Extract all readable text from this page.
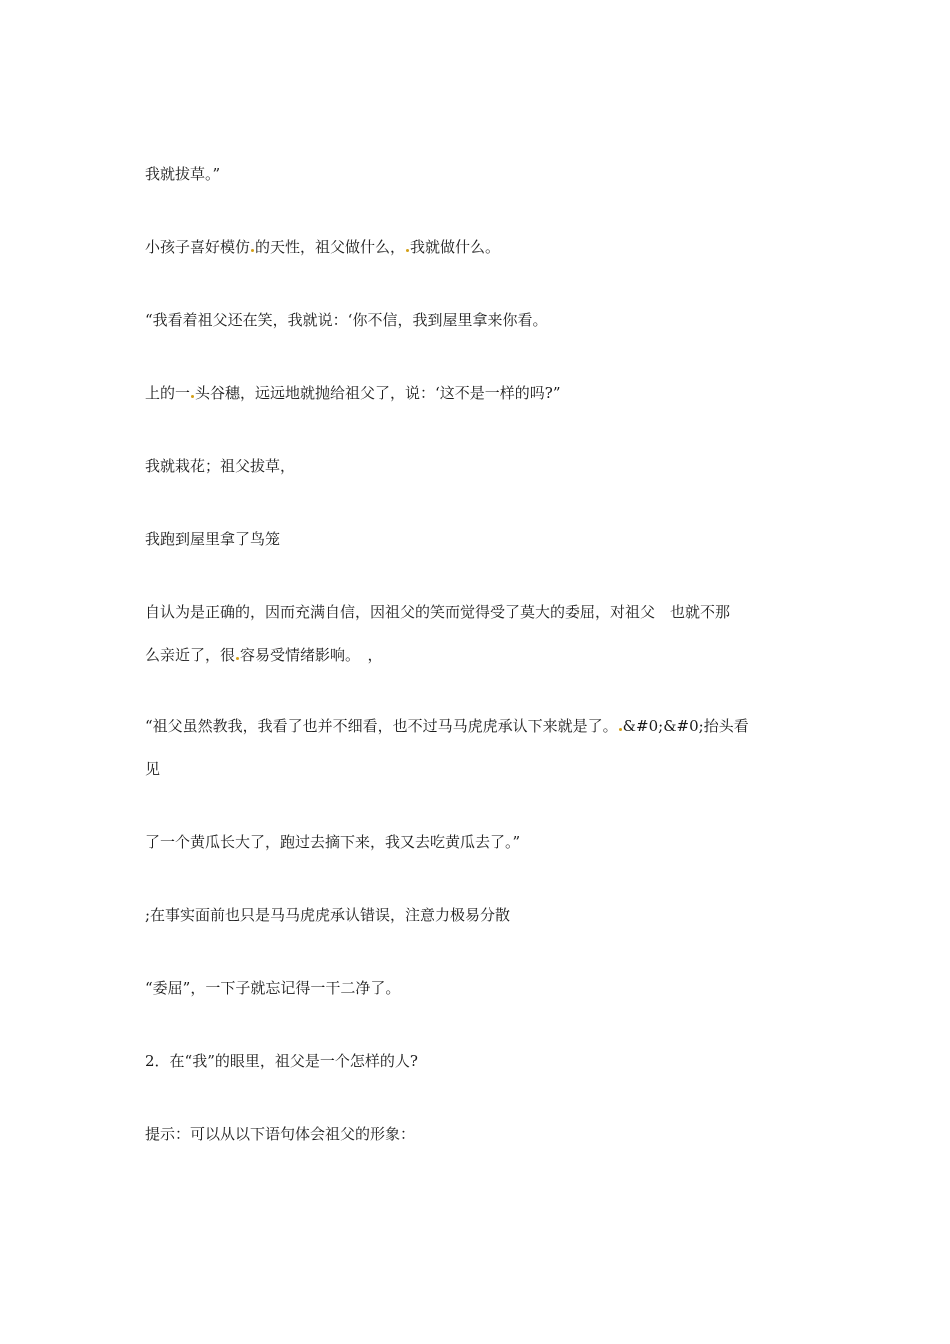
我就拔草。”

小孩子喜好模仿 的天性，祖父做什么， 我就做什么。

“我看着祖父还在笑，我就说：‘你不信，我到屋里拿来你看。

上的一 头谷穗，远远地就抛给祖父了，说：‘这不是一样的吗?”

我就栽花；祖父拔草，

我跑到屋里拿了鸟笼

自认为是正确的，因而充满自信，因祖父的笑而觉得受了莫大的委屈，对祖父　也就不那

么亲近了，很 容易受情绪影响。　，

“祖父虽然教我，我看了也并不细看，也不过马马虎虎承认下来就是了。 &#0;&#0;抬头看

见

了一个黄瓜长大了，跑过去摘下来，我又去吃黄瓜去了。”

;在事实面前也只是马马虎虎承认错误，注意力极易分散

“委屈”，一下子就忘记得一干二净了。

2．在“我”的眼里，祖父是一个怎样的人?

提示：可以从以下语句体会祖父的形象：
